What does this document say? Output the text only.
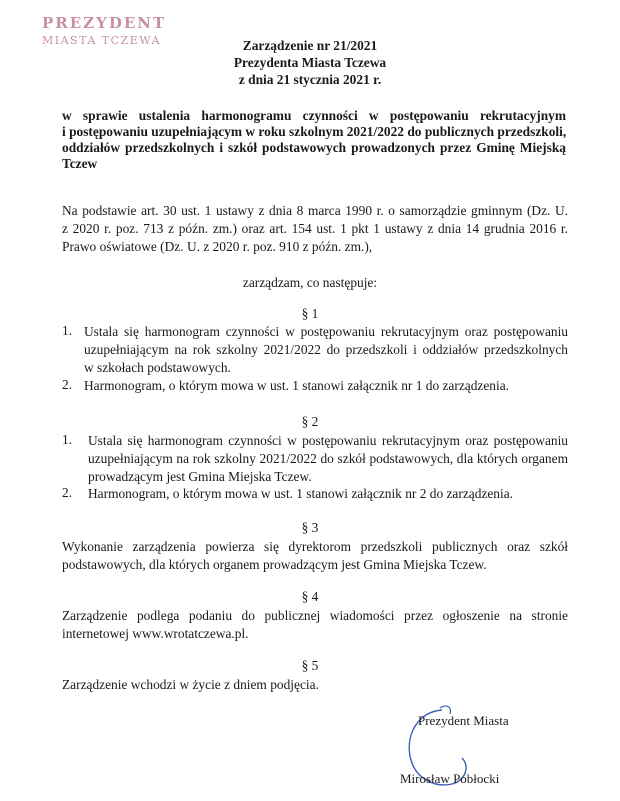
PREZYDENT
MIASTA TCZEWA	Zarządzenie nr 21/2021
Prezydenta Miasta Tczewa
z dnia 21 stycznia 2021 r.
w sprawie ustalenia harmonogramu czynności w postępowaniu rekrutacyjnym
i postępowaniu uzupełniającym w roku szkolnym 2021/2022 do publicznych przedszkoli,
oddziałów przedszkolnych i szkół podstawowych prowadzonych przez Gminę Miejską
Tczew
Na podstawie art. 30 ust. 1 ustawy z dnia 8 marca 1990 r. o samorządzie gminnym (Dz. U.
z 2020 r. poz. 713 z późn. zm.) oraz art. 154 ust. 1 pkt 1 ustawy z dnia 14 grudnia 2016 r.
Prawo oświatowe (Dz. U. z 2020 r. poz. 910 z późn. zm.),
zarządzam, co następuje:
§ 1
1. Ustala się harmonogram czynności w postępowaniu rekrutacyjnym oraz postępowaniu
uzupełniającym na rok szkolny 2021/2022 do przedszkoli i oddziałów przedszkolnych
w szkołach podstawowych.
2. Harmonogram, o którym mowa w ust. 1 stanowi załącznik nr 1 do zarządzenia.
§ 2
1. Ustala się harmonogram czynności w postępowaniu rekrutacyjnym oraz postępowaniu
uzupełniającym na rok szkolny 2021/2022 do szkół podstawowych, dla których organem
prowadzącym jest Gmina Miejska Tczew.
2. Harmonogram, o którym mowa w ust. 1 stanowi załącznik nr 2 do zarządzenia.
§ 3
Wykonanie zarządzenia powierza się dyrektorom przedszkoli publicznych oraz szkół
podstawowych, dla których organem prowadzącym jest Gmina Miejska Tczew.
§ 4
Zarządzenie podlega podaniu do publicznej wiadomości przez ogłoszenie na stronie
internetowej www.wrotatczewa.pl.
§ 5
Zarządzenie wchodzi w życie z dniem podjęcia.
Prezydent Miasta
Mirosław Pobłocki
